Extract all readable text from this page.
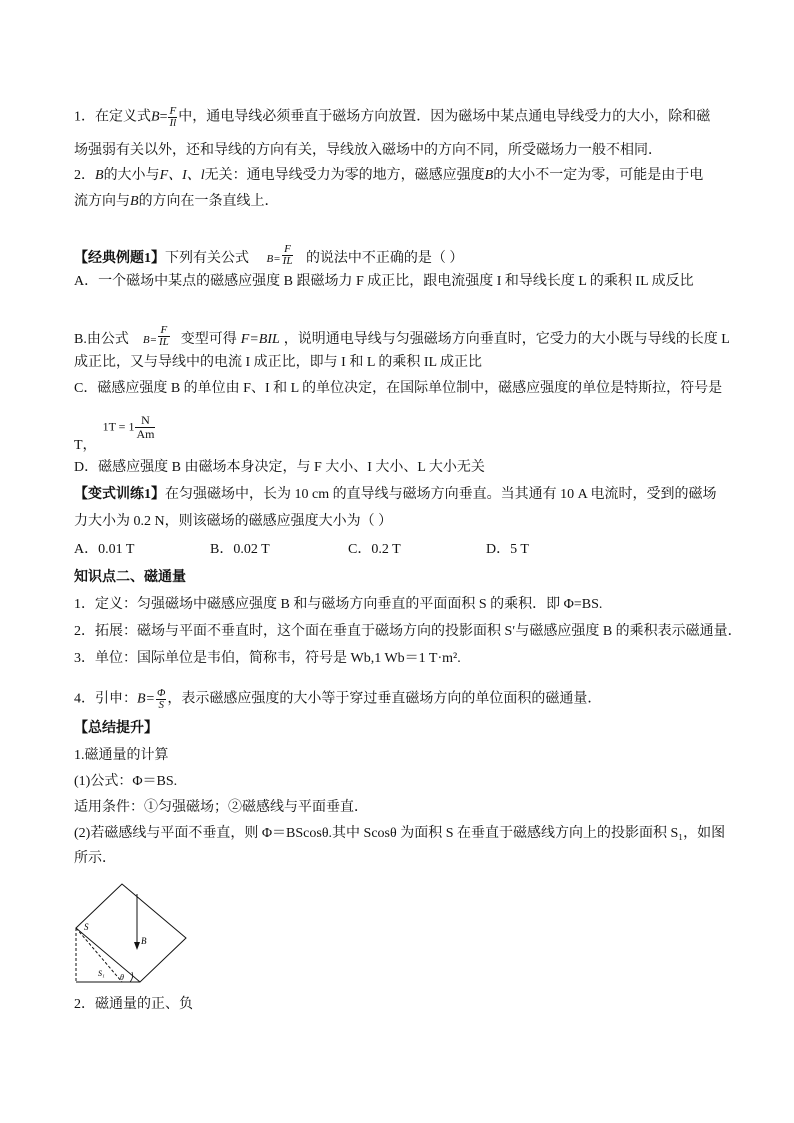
1．在定义式$B= \frac{F}{Il}$ 中，通电导线必须垂直于磁场方向放置．因为磁场中某点通电导线受力的大小，除和磁
场强弱有关以外，还和导线的方向有关，导线放入磁场中的方向不同，所受磁场力一般不相同．
2．B的大小与F、I、l无关：通电导线受力为零的地方，磁感应强度B的大小不一定为零，可能是由于电
流方向与B的方向在一条直线上．
【经典例题1】下列有关公式 $B= \frac{F}{IL}$ 的说法中不正确的是（ ）
A．一个磁场中某点的磁感应强度 B 跟磁场力 F 成正比，跟电流强度 I 和导线长度 L 的乘积 IL 成反比
B.由公式 $B= \frac{F}{IL}$ 变型可得 F=BIL ，说明通电导线与匀强磁场方向垂直时，它受力的大小既与导线的长度 L
成正比，又与导线中的电流 I 成正比，即与 I 和 L 的乘积 IL 成正比
C．磁感应强度 B 的单位由 F、I 和 L 的单位决定，在国际单位制中，磁感应强度的单位是特斯拉，符号是
T，$1T = 1 \frac{N}{Am}$
D．磁感应强度 B 由磁场本身决定，与 F 大小、I 大小、L 大小无关
【变式训练1】在匀强磁场中，长为 10 cm 的直导线与磁场方向垂直。当其通有 10 A 电流时，受到的磁场
力大小为 0.2 N，则该磁场的磁感应强度大小为（ ）
A．0.01 T	B．0.02 T	C．0.2 T	D．5 T
知识点二、磁通量
1．定义：匀强磁场中磁感应强度 B 和与磁场方向垂直的平面面积 S 的乘积．即 Φ=BS.
2．拓展：磁场与平面不垂直时，这个面在垂直于磁场方向的投影面积 S′与磁感应强度 B 的乘积表示磁通量．
3．单位：国际单位是韦伯，简称韦，符号是 Wb,1 Wb＝1 T·m².
4．引申：$B= \frac{\Phi}{S}$ ，表示磁感应强度的大小等于穿过垂直磁场方向的单位面积的磁通量．
【总结提升】
1.磁通量的计算
(1)公式：Φ＝BS.
适用条件：①匀强磁场；②磁感线与平面垂直．
(2)若磁感线与平面不垂直，则 Φ＝BScosθ.其中 Scosθ 为面积 S 在垂直于磁感线方向上的投影面积 S₁，如图
所示．
S
B
S₁ θ
2．磁通量的正、负
